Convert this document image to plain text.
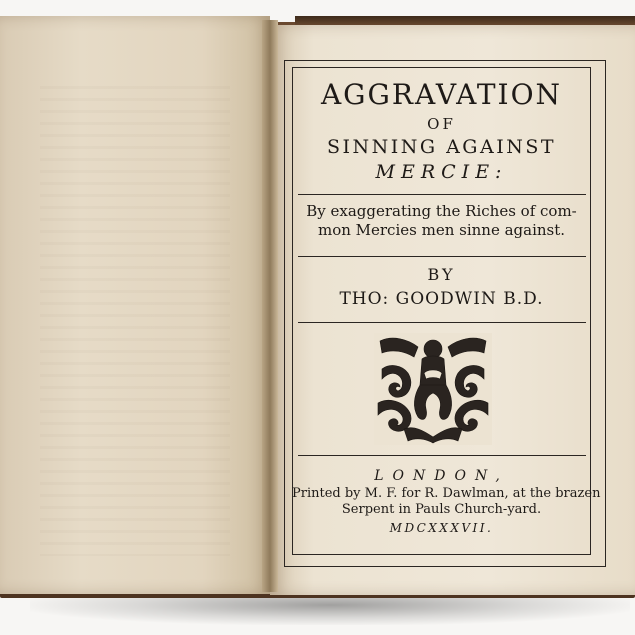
AGGRAVATION
OF
SINNING AGAINST
MERCIE:
By exaggerating the Riches of com-
mon Mercies men sinne against.
BY
THO: GOODWIN B.D.
LONDON,
Printed by M. F. for R. Dawlman, at the brazen
Serpent in Pauls Church-yard.
MDCXXXVII.
